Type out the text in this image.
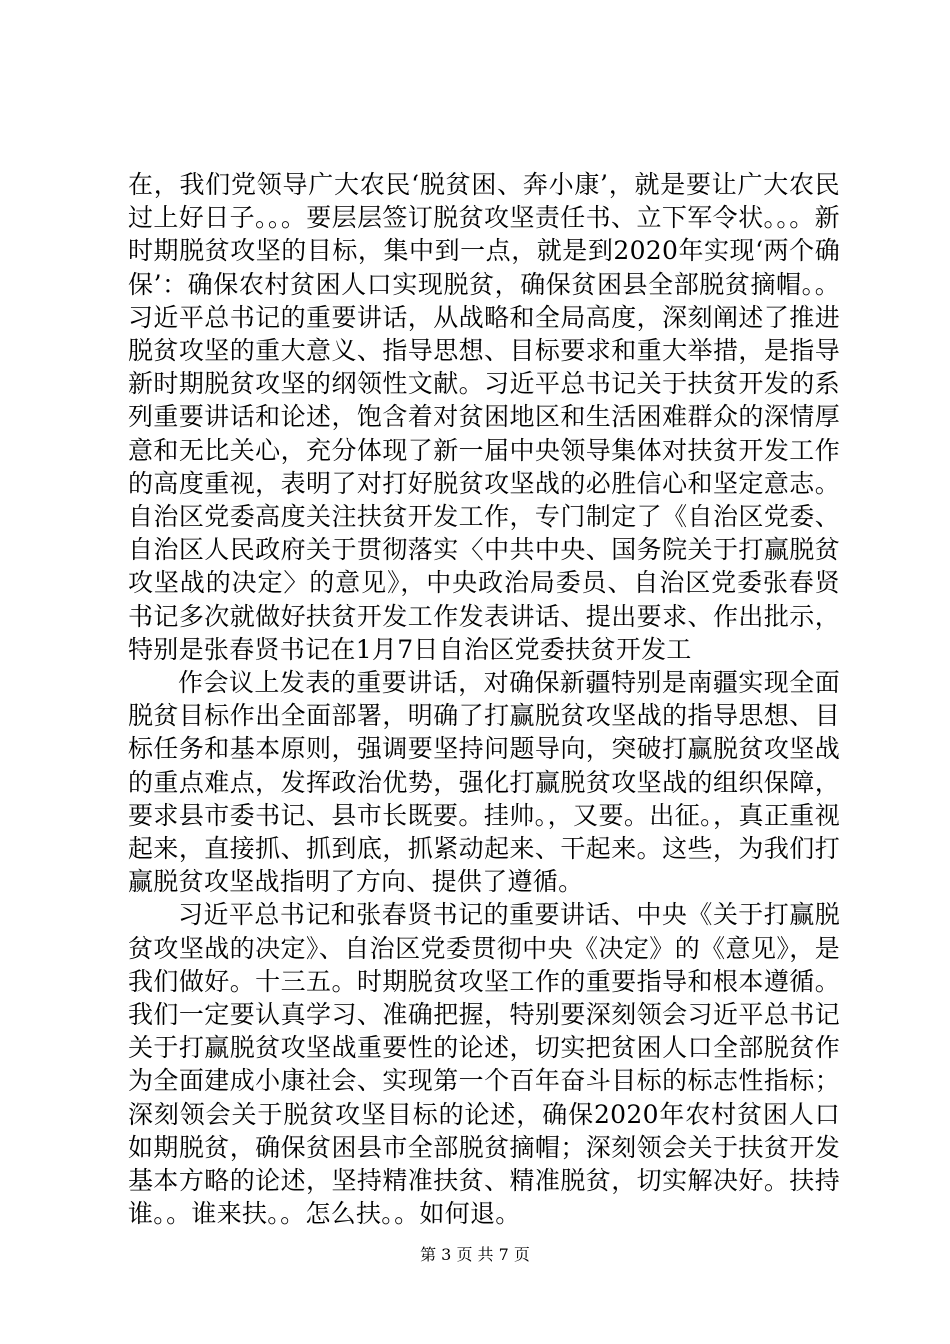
在，我们党领导广大农民‘脱贫困、奔小康’，就是要让广大农民过上好日子。。。要层层签订脱贫攻坚责任书、立下军令状。。。新时期脱贫攻坚的目标，集中到一点，就是到2020年实现‘两个确保’：确保农村贫困人口实现脱贫，确保贫困县全部脱贫摘帽。。习近平总书记的重要讲话，从战略和全局高度，深刻阐述了推进脱贫攻坚的重大意义、指导思想、目标要求和重大举措，是指导新时期脱贫攻坚的纲领性文献。习近平总书记关于扶贫开发的系列重要讲话和论述，饱含着对贫困地区和生活困难群众的深情厚意和无比关心，充分体现了新一届中央领导集体对扶贫开发工作的高度重视，表明了对打好脱贫攻坚战的必胜信心和坚定意志。自治区党委高度关注扶贫开发工作，专门制定了《自治区党委、自治区人民政府关于贯彻落实〈中共中央、国务院关于打赢脱贫攻坚战的决定〉的意见》，中央政治局委员、自治区党委张春贤书记多次就做好扶贫开发工作发表讲话、提出要求、作出批示，特别是张春贤书记在1月7日自治区党委扶贫开发工

作会议上发表的重要讲话，对确保新疆特别是南疆实现全面脱贫目标作出全面部署，明确了打赢脱贫攻坚战的指导思想、目标任务和基本原则，强调要坚持问题导向，突破打赢脱贫攻坚战的重点难点，发挥政治优势，强化打赢脱贫攻坚战的组织保障，要求县市委书记、县市长既要。挂帅。，又要。出征。，真正重视起来，直接抓、抓到底，抓紧动起来、干起来。这些，为我们打赢脱贫攻坚战指明了方向、提供了遵循。

习近平总书记和张春贤书记的重要讲话、中央《关于打赢脱贫攻坚战的决定》、自治区党委贯彻中央《决定》的《意见》，是我们做好。十三五。时期脱贫攻坚工作的重要指导和根本遵循。我们一定要认真学习、准确把握，特别要深刻领会习近平总书记关于打赢脱贫攻坚战重要性的论述，切实把贫困人口全部脱贫作为全面建成小康社会、实现第一个百年奋斗目标的标志性指标；深刻领会关于脱贫攻坚目标的论述，确保2020年农村贫困人口如期脱贫，确保贫困县市全部脱贫摘帽；深刻领会关于扶贫开发基本方略的论述，坚持精准扶贫、精准脱贫，切实解决好。扶持谁。。谁来扶。。怎么扶。。如何退。

第 3 页 共 7 页
